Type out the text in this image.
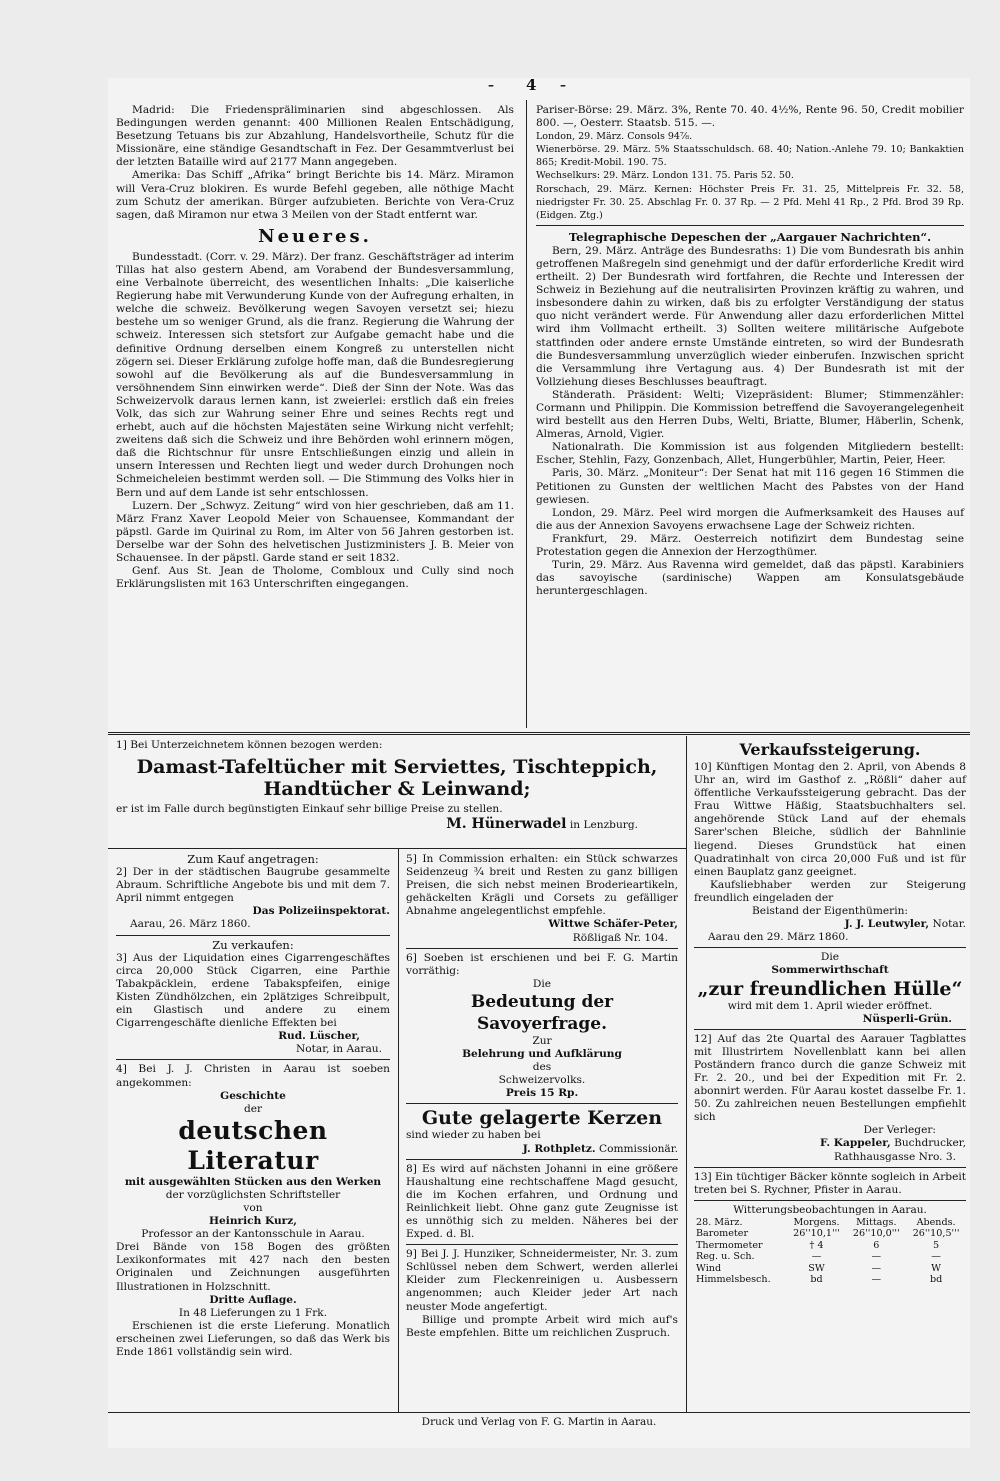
– 4 –

Madrid: Die Friedenspräliminarien sind abgeschlossen. Als Bedingungen werden genannt: 400 Millionen Realen Entschädigung, Besetzung Tetuans bis zur Abzahlung, Handelsvortheile, Schutz für die Missionäre, eine ständige Gesandtschaft in Fez. Der Gesammtverlust bei der letzten Bataille wird auf 2177 Mann angegeben.

Amerika: Das Schiff „Afrika“ bringt Berichte bis 14. März. Miramon will Vera-Cruz blokiren. Es wurde Befehl gegeben, alle nöthige Macht zum Schutz der amerikan. Bürger aufzubieten. Berichte von Vera-Cruz sagen, daß Miramon nur etwa 3 Meilen von der Stadt entfernt war.

Neueres.

Bundesstadt. (Corr. v. 29. März). Der franz. Geschäftsträger ad interim Tillas hat also gestern Abend, am Vorabend der Bundesversammlung, eine Verbalnote überreicht, des wesentlichen Inhalts: „Die kaiserliche Regierung habe mit Verwunderung Kunde von der Aufregung erhalten, in welche die schweiz. Bevölkerung wegen Savoyen versetzt sei; hiezu bestehe um so weniger Grund, als die franz. Regierung die Wahrung der schweiz. Interessen sich stetsfort zur Aufgabe gemacht habe und die definitive Ordnung derselben einem Kongreß zu unterstellen nicht zögern sei. Dieser Erklärung zufolge hoffe man, daß die Bundesregierung sowohl auf die Bevölkerung als auf die Bundesversammlung in versöhnendem Sinn einwirken werde“. Dieß der Sinn der Note. Was das Schweizervolk daraus lernen kann, ist zweierlei: erstlich daß ein freies Volk, das sich zur Wahrung seiner Ehre und seines Rechts regt und erhebt, auch auf die höchsten Majestäten seine Wirkung nicht verfehlt; zweitens daß sich die Schweiz und ihre Behörden wohl erinnern mögen, daß die Richtschnur für unsre Entschließungen einzig und allein in unsern Interessen und Rechten liegt und weder durch Drohungen noch Schmeicheleien bestimmt werden soll. — Die Stimmung des Volks hier in Bern und auf dem Lande ist sehr entschlossen.

Luzern. Der „Schwyz. Zeitung“ wird von hier geschrieben, daß am 11. März Franz Xaver Leopold Meier von Schauensee, Kommandant der päpstl. Garde im Quirinal zu Rom, im Alter von 56 Jahren gestorben ist. Derselbe war der Sohn des helvetischen Justizministers J. B. Meier von Schauensee. In der päpstl. Garde stand er seit 1832.

Genf. Aus St. Jean de Tholome, Combloux und Cully sind noch Erklärungslisten mit 163 Unterschriften eingegangen.

Pariser-Börse: 29. März. 3%, Rente 70. 40. 4½%, Rente 96. 50, Credit mobilier 800. —, Oesterr. Staatsb. 515. —.

London, 29. März. Consols 94⅞.

Wienerbörse. 29. März. 5% Staatsschuldsch. 68. 40; Nation.-Anlehe 79. 10; Bankaktien 865; Kredit-Mobil. 190. 75.

Wechselkurs: 29. März. London 131. 75. Paris 52. 50.

Rorschach, 29. März. Kernen: Höchster Preis Fr. 31. 25, Mittelpreis Fr. 32. 58, niedrigster Fr. 30. 25. Abschlag Fr. 0. 37 Rp. — 2 Pfd. Mehl 41 Rp., 2 Pfd. Brod 39 Rp. (Eidgen. Ztg.)

Telegraphische Depeschen der „Aargauer Nachrichten“.

Bern, 29. März. Anträge des Bundesraths: 1) Die vom Bundesrath bis anhin getroffenen Maßregeln sind genehmigt und der dafür erforderliche Kredit wird ertheilt. 2) Der Bundesrath wird fortfahren, die Rechte und Interessen der Schweiz in Beziehung auf die neutralisirten Provinzen kräftig zu wahren, und insbesondere dahin zu wirken, daß bis zu erfolgter Verständigung der status quo nicht verändert werde. Für Anwendung aller dazu erforderlichen Mittel wird ihm Vollmacht ertheilt. 3) Sollten weitere militärische Aufgebote stattfinden oder andere ernste Umstände eintreten, so wird der Bundesrath die Bundesversammlung unverzüglich wieder einberufen. Inzwischen spricht die Versammlung ihre Vertagung aus. 4) Der Bundesrath ist mit der Vollziehung dieses Beschlusses beauftragt.

Ständerath. Präsident: Welti; Vizepräsident: Blumer; Stimmenzähler: Cormann und Philippin. Die Kommission betreffend die Savoyerangelegenheit wird bestellt aus den Herren Dubs, Welti, Briatte, Blumer, Häberlin, Schenk, Almeras, Arnold, Vigier.

Nationalrath. Die Kommission ist aus folgenden Mitgliedern bestellt: Escher, Stehlin, Fazy, Gonzenbach, Allet, Hungerbühler, Martin, Peier, Heer.

Paris, 30. März. „Moniteur“: Der Senat hat mit 116 gegen 16 Stimmen die Petitionen zu Gunsten der weltlichen Macht des Pabstes von der Hand gewiesen.

London, 29. März. Peel wird morgen die Aufmerksamkeit des Hauses auf die aus der Annexion Savoyens erwachsene Lage der Schweiz richten.

Frankfurt, 29. März. Oesterreich notifizirt dem Bundestag seine Protestation gegen die Annexion der Herzogthümer.

Turin, 29. März. Aus Ravenna wird gemeldet, daß das päpstl. Karabiniers das savoyische (sardinische) Wappen am Konsulatsgebäude heruntergeschlagen.

1] Bei Unterzeichnetem können bezogen werden:
Damast-Tafeltücher mit Serviettes, Tischteppich,
Handtücher & Leinwand;
er ist im Falle durch begünstigten Einkauf sehr billige Preise zu stellen.
M. Hünerwadel in Lenzburg.
Zum Kauf angetragen:

2] Der in der städtischen Baugrube gesammelte Abraum. Schriftliche Angebote bis und mit dem 7. April nimmt entgegen

Das Polizeiinspektorat.
Aarau, 26. März 1860.
Zu verkaufen:

3] Aus der Liquidation eines Cigarrengeschäftes circa 20,000 Stück Cigarren, eine Parthie Tabakpäcklein, erdene Tabakspfeifen, einige Kisten Zündhölzchen, ein 2plätziges Schreibpult, ein Glastisch und andere zu einem Cigarrengeschäfte dienliche Effekten bei

Rud. Lüscher,
Notar, in Aarau.

4] Bei J. J. Christen in Aarau ist soeben angekommen:

Geschichte
der
deutschen Literatur
mit ausgewählten Stücken aus den Werken
der vorzüglichsten Schriftsteller
von
Heinrich Kurz,
Professor an der Kantonsschule in Aarau.

Drei Bände von 158 Bogen des größten Lexikonformates mit 427 nach den besten Originalen und Zeichnungen ausgeführten Illustrationen in Holzschnitt.

Dritte Auflage.
In 48 Lieferungen zu 1 Frk.

Erschienen ist die erste Lieferung. Monatlich erscheinen zwei Lieferungen, so daß das Werk bis Ende 1861 vollständig sein wird.

5] In Commission erhalten: ein Stück schwarzes Seidenzeug ¾ breit und Resten zu ganz billigen Preisen, die sich nebst meinen Broderieartikeln, gehäckelten Krägli und Corsets zu gefälliger Abnahme angelegentlichst empfehle.

Wittwe Schäfer-Peter,
Rößligaß Nr. 104.

6] Soeben ist erschienen und bei F. G. Martin vorräthig:

Die
Bedeutung der Savoyerfrage.
Zur
Belehrung und Aufklärung
des
Schweizervolks.
Preis 15 Rp.
Gute gelagerte Kerzen

sind wieder zu haben bei

J. Rothpletz. Commissionär.

8] Es wird auf nächsten Johanni in eine größere Haushaltung eine rechtschaffene Magd gesucht, die im Kochen erfahren, und Ordnung und Reinlichkeit liebt. Ohne ganz gute Zeugnisse ist es unnöthig sich zu melden. Näheres bei der Exped. d. Bl.

9] Bei J. J. Hunziker, Schneidermeister, Nr. 3. zum Schlüssel neben dem Schwert, werden allerlei Kleider zum Fleckenreinigen u. Ausbessern angenommen; auch Kleider jeder Art nach neuster Mode angefertigt.

Billige und prompte Arbeit wird mich auf's Beste empfehlen. Bitte um reichlichen Zuspruch.

Verkaufssteigerung.

10] Künftigen Montag den 2. April, von Abends 8 Uhr an, wird im Gasthof z. „Rößli“ daher auf öffentliche Verkaufssteigerung gebracht. Das der Frau Wittwe Häßig, Staatsbuchhalters sel. angehörende Stück Land auf der ehemals Sarer'schen Bleiche, südlich der Bahnlinie liegend. Dieses Grundstück hat einen Quadratinhalt von circa 20,000 Fuß und ist für einen Bauplatz ganz geeignet.

Kaufsliebhaber werden zur Steigerung freundlich eingeladen der

Beistand der Eigenthümerin:
J. J. Leutwyler, Notar.
Aarau den 29. März 1860.
Die
Sommerwirthschaft
„zur freundlichen Hülle“
wird mit dem 1. April wieder eröffnet.
Nüsperli-Grün.

12] Auf das 2te Quartal des Aarauer Tagblattes mit Illustrirtem Novellenblatt kann bei allen Poständern franco durch die ganze Schweiz mit Fr. 2. 20., und bei der Expedition mit Fr. 2. abonnirt werden. Für Aarau kostet dasselbe Fr. 1. 50. Zu zahlreichen neuen Bestellungen empfiehlt sich

Der Verleger:
F. Kappeler, Buchdrucker,
Rathhausgasse Nro. 3.

13] Ein tüchtiger Bäcker könnte sogleich in Arbeit treten bei S. Rychner, Pfister in Aarau.

Witterungsbeobachtungen in Aarau.
28. März.	Morgens.	Mittags.	Abends.
Barometer	26''10,1'''	26''10,0'''	26''10,5'''
Thermometer	† 4	6	5
Reg. u. Sch.	—	—	—
Wind	SW	—	W
Himmelsbesch.	bd	—	bd
Druck und Verlag von F. G. Martin in Aarau.
